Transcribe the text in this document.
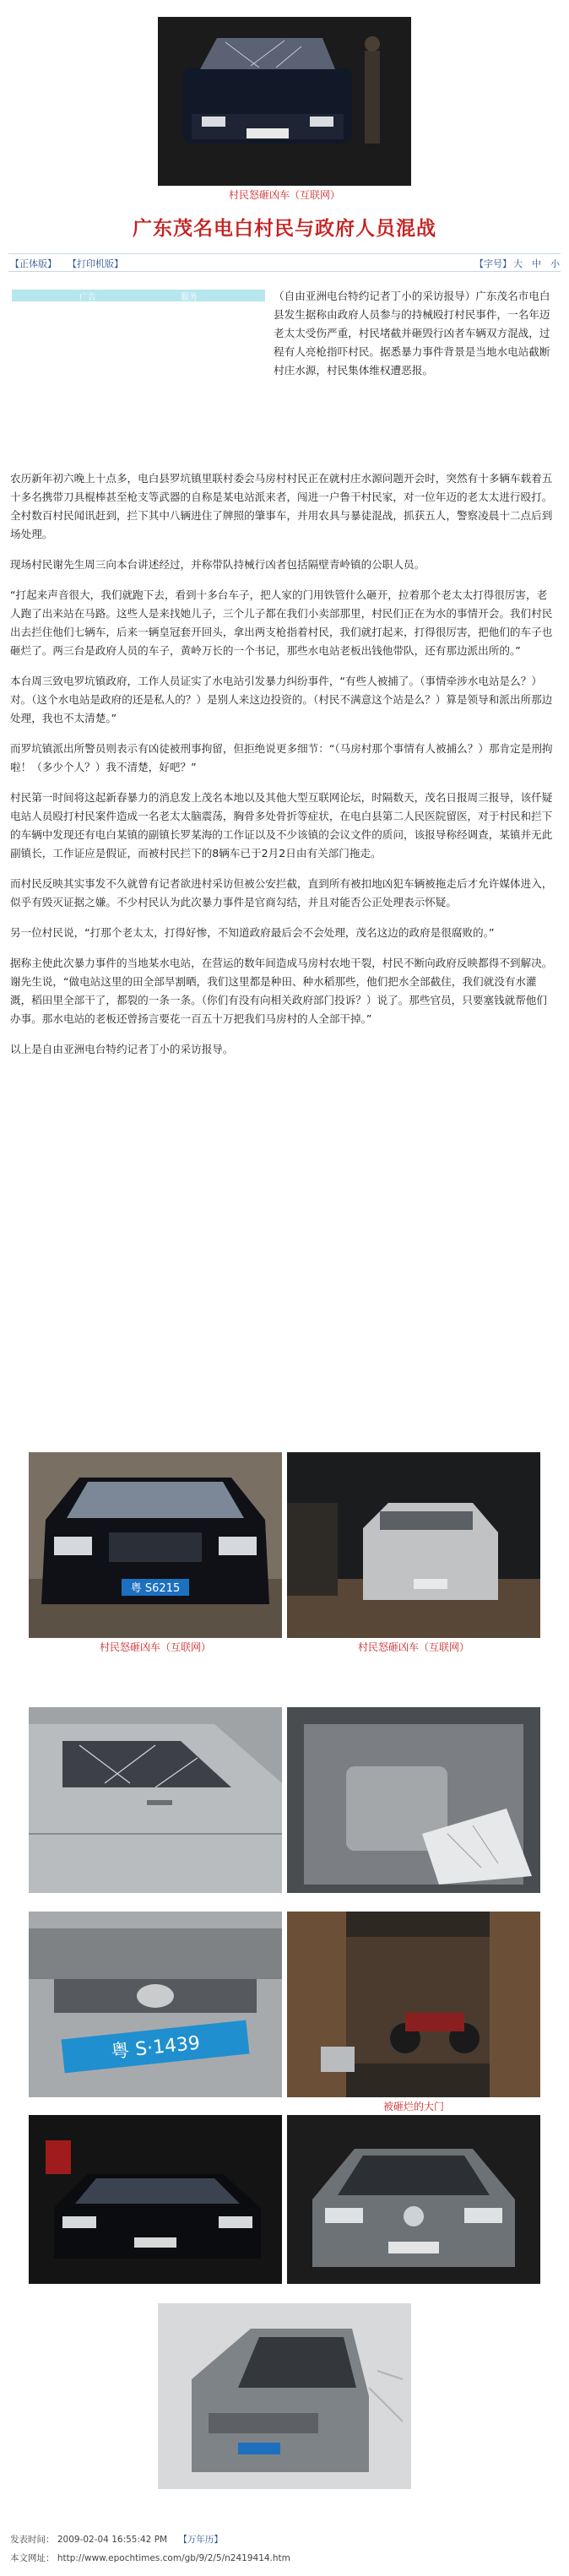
村民怒砸凶车（互联网）
广东茂名电白村民与政府人员混战
【正体版】 【打印机版】	【字号】 大 中 小
广告	服务	（自由亚洲电台特约记者丁小的采访报导）广东茂名市电白县发生据称由政府人员参与的持械殴打村民事件，一名年迈老太太受伤严重，村民堵截并砸毁行凶者车辆双方混战，过程有人亮枪指吓村民。据悉暴力事件背景是当地水电站截断村庄水源，村民集体维权遭恶报。

农历新年初六晚上十点多，电白县罗坑镇里联村委会马房村村民正在就村庄水源问题开会时，突然有十多辆车载着五十多名携带刀具棍棒甚至枪支等武器的自称是某电站派来者，闯进一户鲁干村民家，对一位年迈的老太太进行殴打。全村数百村民闻讯赶到，拦下其中八辆进住了牌照的肇事车，并用农具与暴徒混战，抓获五人，警察凌晨十二点后到场处理。

现场村民谢先生周三向本台讲述经过，并称带队持械行凶者包括隔壁青岭镇的公职人员。

“打起来声音很大，我们就跑下去，看到十多台车子，把人家的门用铁管什么砸开，拉着那个老太太打得很厉害，老人跑了出来站在马路。这些人是来找她儿子，三个儿子都在我们小卖部那里，村民们正在为水的事情开会。我们村民出去拦住他们七辆车，后来一辆皇冠套开回头，拿出两支枪指着村民，我们就打起来，打得很厉害，把他们的车子也砸烂了。两三台是政府人员的车子，黄岭万长的一个书记，那些水电站老板出钱他带队，还有那边派出所的。”

本台周三致电罗坑镇政府，工作人员证实了水电站引发暴力纠纷事件，“有些人被捕了。（事情牵涉水电站是么？）对。（这个水电站是政府的还是私人的？）是别人来这边投资的。（村民不满意这个站是么？）算是领导和派出所那边处理，我也不太清楚。”

而罗坑镇派出所警员则表示有凶徒被刑事拘留，但拒绝说更多细节：“（马房村那个事情有人被捕么？）那肯定是刑拘啦！（多少个人？）我不清楚，好吧？”

村民第一时间将这起新春暴力的消息发上茂名本地以及其他大型互联网论坛，时隔数天，茂名日报周三报导，该仟疑电站人员殴打村民案件造成一名老太太脑震荡，胸骨多处骨折等症状，在电白县第二人民医院留医，对于村民和拦下的车辆中发现还有电白某镇的副镇长罗某海的工作证以及不少该镇的会议文件的质问，该报导称经调查，某镇并无此副镇长，工作证应是假证，而被村民拦下的8辆车已于2月2日由有关部门拖走。

而村民反映其实事发不久就曾有记者欲进村采访但被公安拦截，直到所有被扣地凶犯车辆被拖走后才允许媒体进入，似乎有毁灭证据之嫌。不少村民认为此次暴力事件是官商勾结，并且对能否公正处理表示怀疑。

另一位村民说，“打那个老太太，打得好惨，不知道政府最后会不会处理，茂名这边的政府是很腐败的。”

据称主使此次暴力事件的当地某水电站，在营运的数年间造成马房村农地干裂，村民不断向政府反映都得不到解决。谢先生说，“做电站这里的田全部旱割晒，我们这里都是种田、种水稻那些，他们把水全部截住，我们就没有水灌溉，稻田里全部干了，都裂的一条一条。（你们有没有向相关政府部门投诉？）说了。那些官员，只要塞钱就帮他们办事。那水电站的老板还曾扬言要花一百五十万把我们马房村的人全部干掉。”

以上是自由亚洲电台特约记者丁小的采访报导。

粤 S6215
村民怒砸凶车（互联网）	村民怒砸凶车（互联网）
粤 S·1439
被砸烂的大门
发表时间： 2009-02-04 16:55:42 PM 【万年历】
本文网址： http://www.epochtimes.com/gb/9/2/5/n2419414.htm
